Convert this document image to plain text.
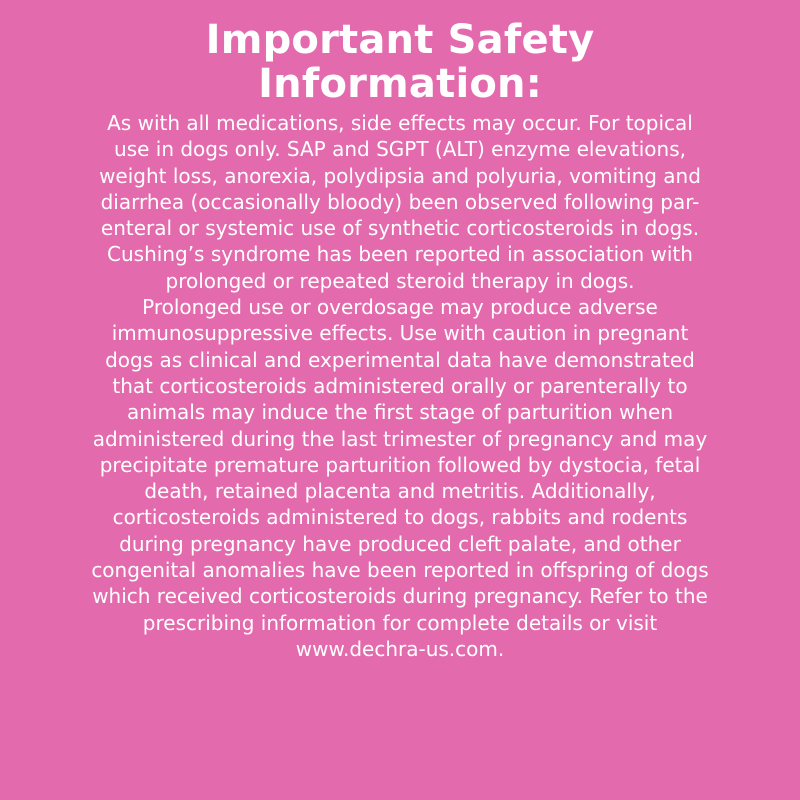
Important Safety
Information:
As with all medications, side effects may occur. For topical
use in dogs only. SAP and SGPT (ALT) enzyme elevations,
weight loss, anorexia, polydipsia and polyuria, vomiting and
diarrhea (occasionally bloody) been observed following par-
enteral or systemic use of synthetic corticosteroids in dogs.
Cushing’s syndrome has been reported in association with
prolonged or repeated steroid therapy in dogs.
Prolonged use or overdosage may produce adverse
immunosuppressive effects. Use with caution in pregnant
dogs as clinical and experimental data have demonstrated
that corticosteroids administered orally or parenterally to
animals may induce the first stage of parturition when
administered during the last trimester of pregnancy and may
precipitate premature parturition followed by dystocia, fetal
death, retained placenta and metritis. Additionally,
corticosteroids administered to dogs, rabbits and rodents
during pregnancy have produced cleft palate, and other
congenital anomalies have been reported in offspring of dogs
which received corticosteroids during pregnancy. Refer to the
prescribing information for complete details or visit
www.dechra-us.com.
